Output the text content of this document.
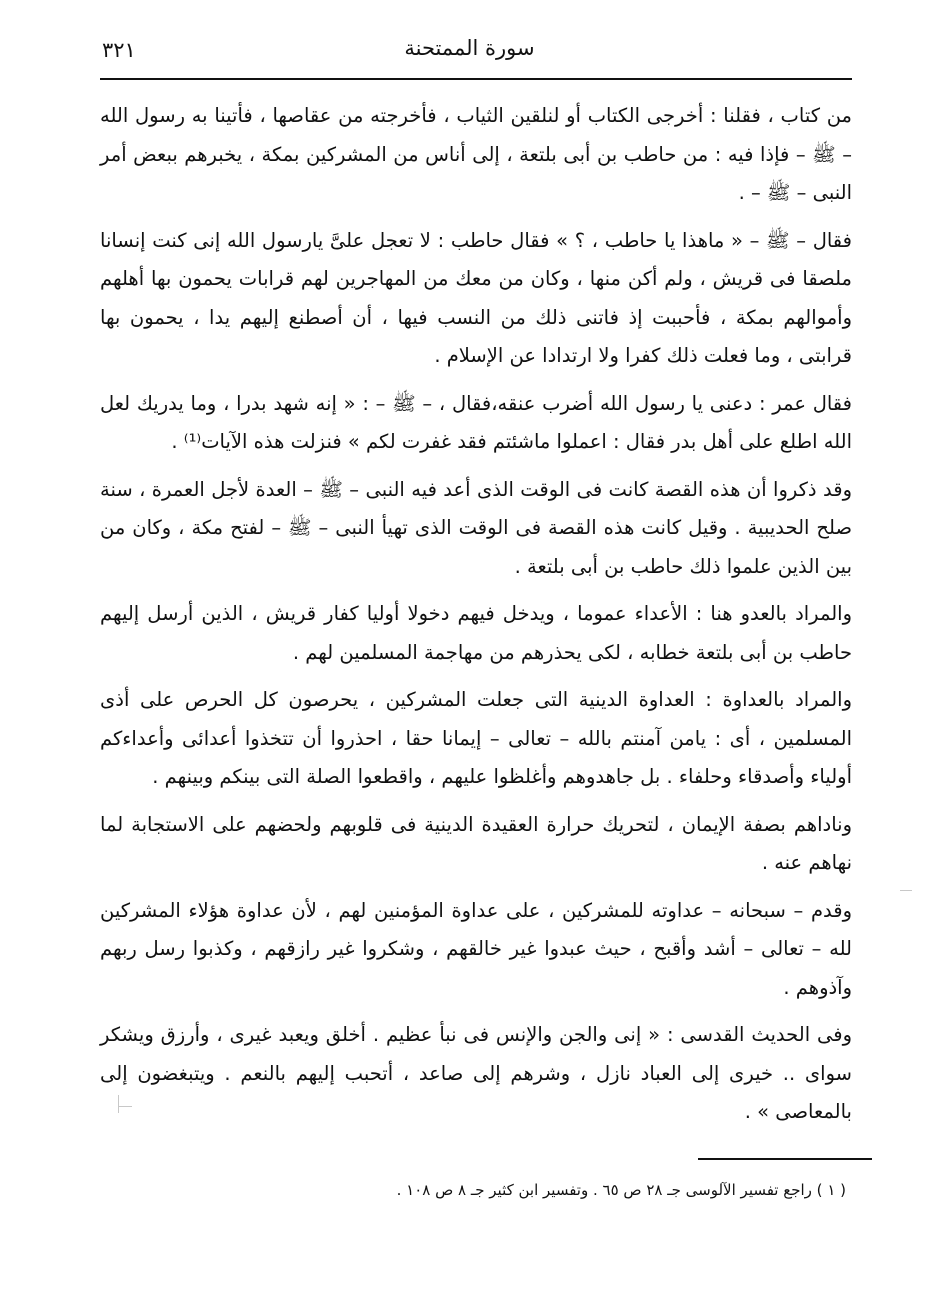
٣٢١	سورة الممتحنة

من كتاب ، فقلنا : أخرجى الكتاب أو لنلقين الثياب ، فأخرجته من عقاصها ، فأتينا به رسول الله – ﷺ – فإذا فيه : من حاطب بن أبى بلتعة ، إلى أناس من المشركين بمكة ، يخبرهم ببعض أمر النبى – ﷺ – .

فقال – ﷺ – « ماهذا يا حاطب ، ؟ » فقال حاطب : لا تعجل علىَّ يارسول الله إنى كنت إنسانا ملصقا فى قريش ، ولم أكن منها ، وكان من معك من المهاجرين لهم قرابات يحمون بها أهلهم وأموالهم بمكة ، فأحببت إذ فاتنى ذلك من النسب فيها ، أن أصطنع إليهم يدا ، يحمون بها قرابتى ، وما فعلت ذلك كفرا ولا ارتدادا عن الإسلام .

فقال عمر : دعنى يا رسول الله أضرب عنقه،فقال ، – ﷺ – : « إنه شهد بدرا ، وما يدريك لعل الله اطلع على أهل بدر فقال : اعملوا ماشئتم فقد غفرت لكم » فنزلت هذه الآيات⁽¹⁾ .

وقد ذكروا أن هذه القصة كانت فى الوقت الذى أعد فيه النبى – ﷺ – العدة لأجل العمرة ، سنة صلح الحديبية . وقيل كانت هذه القصة فى الوقت الذى تهيأ النبى – ﷺ – لفتح مكة ، وكان من بين الذين علموا ذلك حاطب بن أبى بلتعة .

والمراد بالعدو هنا : الأعداء عموما ، ويدخل فيهم دخولا أوليا كفار قريش ، الذين أرسل إليهم حاطب بن أبى بلتعة خطابه ، لكى يحذرهم من مهاجمة المسلمين لهم .

والمراد بالعداوة : العداوة الدينية التى جعلت المشركين ، يحرصون كل الحرص على أذى المسلمين ، أى : يامن آمنتم بالله – تعالى – إيمانا حقا ، احذروا أن تتخذوا أعدائى وأعداءكم أولياء وأصدقاء وحلفاء . بل جاهدوهم وأغلظوا عليهم ، واقطعوا الصلة التى بينكم وبينهم .

وناداهم بصفة الإيمان ، لتحريك حرارة العقيدة الدينية فى قلوبهم ولحضهم على الاستجابة لما نهاهم عنه .

وقدم – سبحانه – عداوته للمشركين ، على عداوة المؤمنين لهم ، لأن عداوة هؤلاء المشركين لله – تعالى – أشد وأقبح ، حيث عبدوا غير خالقهم ، وشكروا غير رازقهم ، وكذبوا رسل ربهم وآذوهم .

وفى الحديث القدسى : « إنى والجن والإنس فى نبأ عظيم . أخلق ويعبد غيرى ، وأرزق ويشكر سواى .. خيرى إلى العباد نازل ، وشرهم إلى صاعد ، أتحبب إليهم بالنعم . ويتبغضون إلى بالمعاصى » .

( ١ ) راجع تفسير الآلوسى جـ ٢٨ ص ٦٥ . وتفسير ابن كثير جـ ٨ ص ١٠٨ .
